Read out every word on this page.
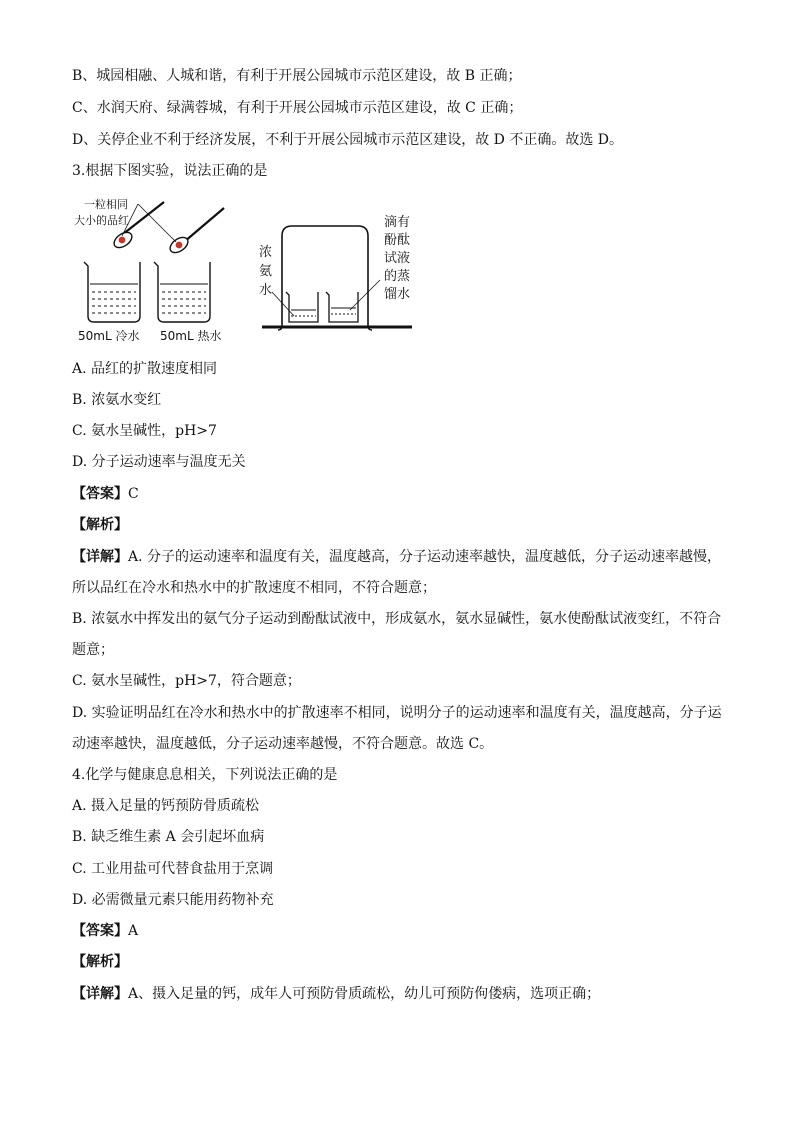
B、城园相融、人城和谐，有利于开展公园城市示范区建设，故 B 正确；
C、水润天府、绿满蓉城，有利于开展公园城市示范区建设，故 C 正确；
D、关停企业不利于经济发展，不利于开展公园城市示范区建设，故 D 不正确。故选 D。
3.根据下图实验，说法正确的是
一粒相同
大小的品红
50mL 冷水 50mL 热水
浓
氨
水
滴有
酚酞
试液
的蒸
馏水
A. 品红的扩散速度相同
B. 浓氨水变红
C. 氨水呈碱性，pH>7
D. 分子运动速率与温度无关
【答案】C
【解析】
【详解】A. 分子的运动速率和温度有关，温度越高，分子运动速率越快，温度越低，分子运动速率越慢，
所以品红在冷水和热水中的扩散速度不相同，不符合题意；
B. 浓氨水中挥发出的氨气分子运动到酚酞试液中，形成氨水，氨水显碱性，氨水使酚酞试液变红，不符合
题意；
C. 氨水呈碱性，pH>7，符合题意；
D. 实验证明品红在冷水和热水中的扩散速率不相同，说明分子的运动速率和温度有关，温度越高，分子运
动速率越快，温度越低，分子运动速率越慢，不符合题意。故选 C。
4.化学与健康息息相关，下列说法正确的是
A. 摄入足量的钙预防骨质疏松
B. 缺乏维生素 A 会引起坏血病
C. 工业用盐可代替食盐用于烹调
D. 必需微量元素只能用药物补充
【答案】A
【解析】
【详解】A、摄入足量的钙，成年人可预防骨质疏松，幼儿可预防佝偻病，选项正确；
